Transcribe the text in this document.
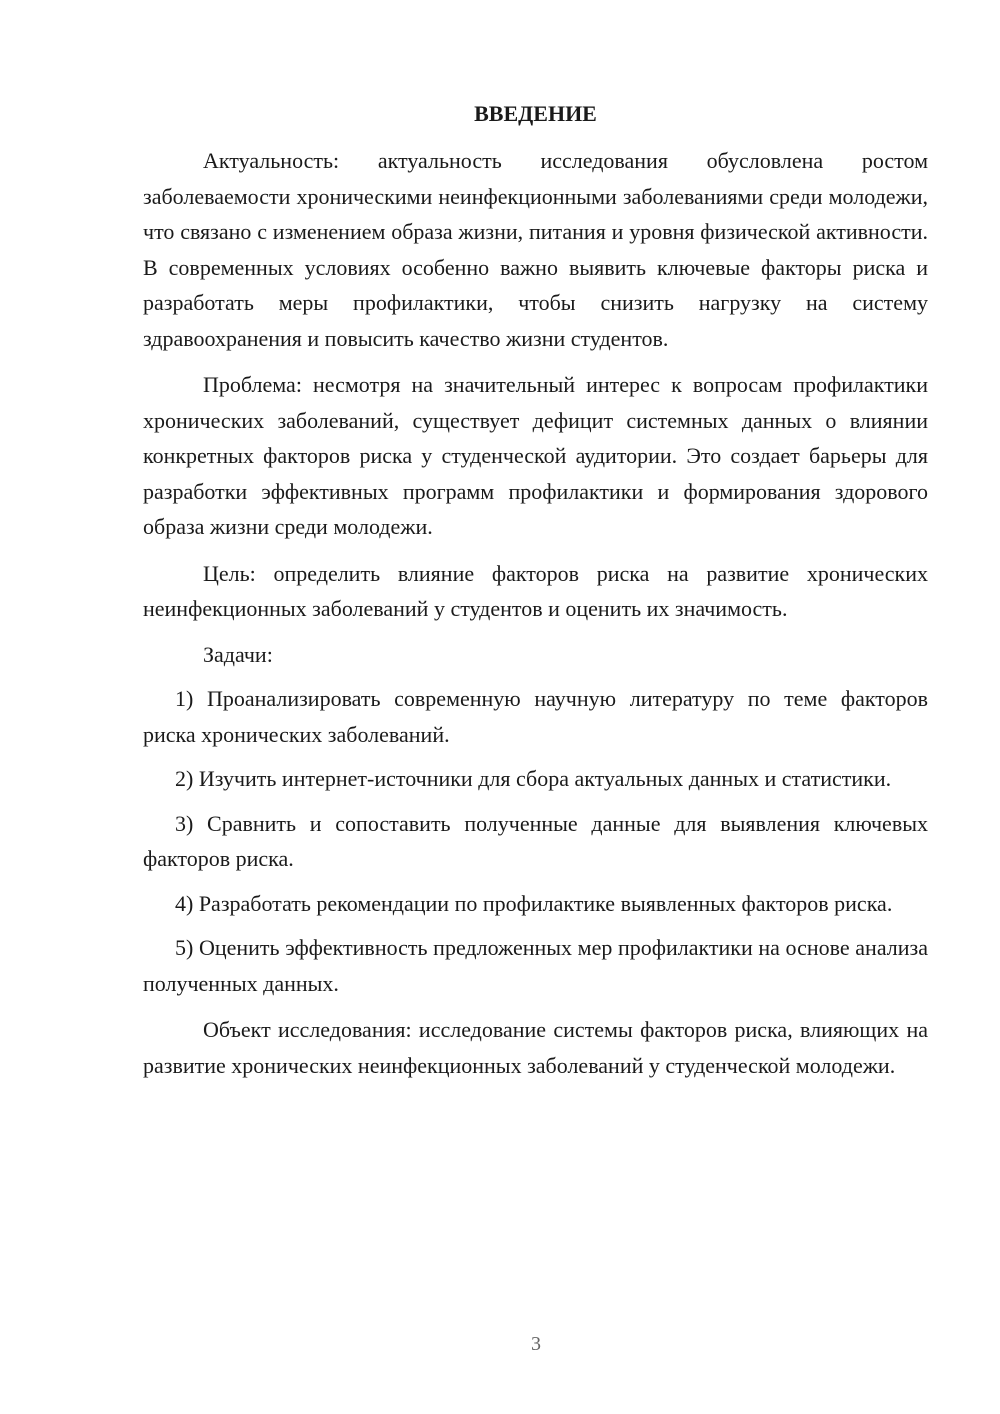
ВВЕДЕНИЕ

Актуальность: актуальность исследования обусловлена ростом заболеваемости хроническими неинфекционными заболеваниями среди молодежи, что связано с изменением образа жизни, питания и уровня физической активности. В современных условиях особенно важно выявить ключевые факторы риска и разработать меры профилактики, чтобы снизить нагрузку на систему здравоохранения и повысить качество жизни студентов.

Проблема: несмотря на значительный интерес к вопросам профилактики хронических заболеваний, существует дефицит системных данных о влиянии конкретных факторов риска у студенческой аудитории. Это создает барьеры для разработки эффективных программ профилактики и формирования здорового образа жизни среди молодежи.

Цель: определить влияние факторов риска на развитие хронических неинфекционных заболеваний у студентов и оценить их значимость.

Задачи:

1) Проанализировать современную научную литературу по теме факторов риска хронических заболеваний.

2) Изучить интернет-источники для сбора актуальных данных и статистики.

3) Сравнить и сопоставить полученные данные для выявления ключевых факторов риска.

4) Разработать рекомендации по профилактике выявленных факторов риска.

5) Оценить эффективность предложенных мер профилактики на основе анализа полученных данных.

Объект исследования: исследование системы факторов риска, влияющих на развитие хронических неинфекционных заболеваний у студенческой молодежи.

3
